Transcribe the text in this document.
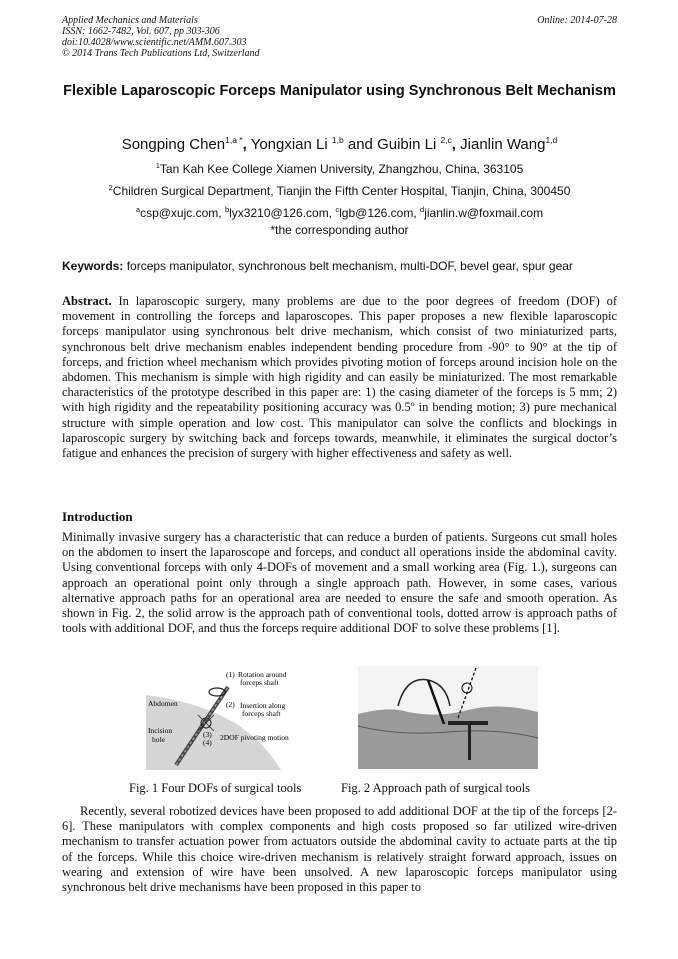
Applied Mechanics and Materials
ISSN: 1662-7482, Vol. 607, pp 303-306
doi:10.4028/www.scientific.net/AMM.607.303
© 2014 Trans Tech Publications Ltd, Switzerland
Online: 2014-07-28
Flexible Laparoscopic Forceps Manipulator using Synchronous Belt Mechanism
Songping Chen$^{1,a *}$, Yongxian Li $^{1,b}$ and Guibin Li $^{2,c}$, Jianlin Wang$^{1,d}$
$^1$Tan Kah Kee College Xiamen University, Zhangzhou, China, 363105
$^2$Children Surgical Department, Tianjin the Fifth Center Hospital, Tianjin, China, 300450
$^a$csp@xujc.com, $^b$lyx3210@126.com, $^c$lgb@126.com, $^d$jianlin.w@foxmail.com
*the corresponding author
Keywords: forceps manipulator, synchronous belt mechanism, multi-DOF, bevel gear, spur gear
Abstract. In laparoscopic surgery, many problems are due to the poor degrees of freedom (DOF) of movement in controlling the forceps and laparoscopes. This paper proposes a new flexible laparoscopic forceps manipulator using synchronous belt drive mechanism, which consist of two miniaturized parts, synchronous belt drive mechanism enables independent bending procedure from -90° to 90° at the tip of forceps, and friction wheel mechanism which provides pivoting motion of forceps around incision hole on the abdomen. This mechanism is simple with high rigidity and can easily be miniaturized. The most remarkable characteristics of the prototype described in this paper are: 1) the casing diameter of the forceps is 5 mm; 2) with high rigidity and the repeatability positioning accuracy was 0.5º in bending motion; 3) pure mechanical structure with simple operation and low cost. This manipulator can solve the conflicts and blockings in laparoscopic surgery by switching back and forceps towards, meanwhile, it eliminates the surgical doctor’s fatigue and enhances the precision of surgery with higher effectiveness and safety as well.
Introduction
Minimally invasive surgery has a characteristic that can reduce a burden of patients. Surgeons cut small holes on the abdomen to insert the laparoscope and forceps, and conduct all operations inside the abdominal cavity. Using conventional forceps with only 4-DOFs of movement and a small working area (Fig. 1.), surgeons can approach an operational point only through a single approach path. However, in some cases, various alternative approach paths for an operational area are needed to ensure the safe and smooth operation. As shown in Fig. 2, the solid arrow is the approach path of conventional tools, dotted arrow is approach paths of tools with additional DOF, and thus the forceps require additional DOF to solve these problems [1].
Abdomen
Incision
hole
(1) Rotation around
forceps shaft
(2) Insertion along
forceps shaft
(3)
(4)
2DOF pivoting motion
Fig. 1 Four DOFs of surgical tools	Fig. 2 Approach path of surgical tools
Recently, several robotized devices have been proposed to add additional DOF at the tip of the forceps [2-6]. These manipulators with complex components and high costs proposed so far utilized wire-driven mechanism to transfer actuation power from actuators outside the abdominal cavity to actuate parts at the tip of the forceps. While this choice wire-driven mechanism is relatively straight forward approach, issues on wearing and extension of wire have been unsolved. A new laparoscopic forceps manipulator using synchronous belt drive mechanisms have been proposed in this paper to
